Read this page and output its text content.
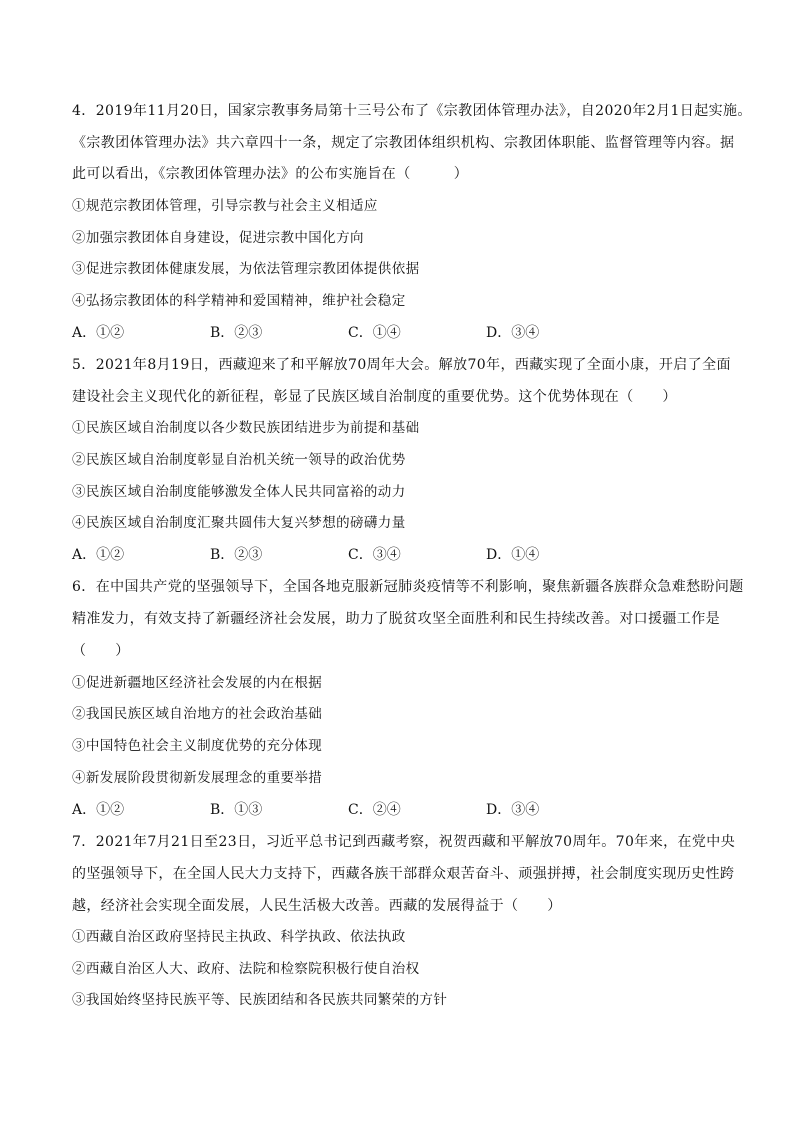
4．2019年11月20日，国家宗教事务局第十三号公布了《宗教团体管理办法》，自2020年2月1日起实施。
《宗教团体管理办法》共六章四十一条，规定了宗教团体组织机构、宗教团体职能、监督管理等内容。据
此可以看出，《宗教团体管理办法》的公布实施旨在（　　　）
①规范宗教团体管理，引导宗教与社会主义相适应
②加强宗教团体自身建设，促进宗教中国化方向
③促进宗教团体健康发展，为依法管理宗教团体提供依据
④弘扬宗教团体的科学精神和爱国精神，维护社会稳定
A．①②	B．②③	C．①④	D．③④
5．2021年8月19日，西藏迎来了和平解放70周年大会。解放70年，西藏实现了全面小康，开启了全面
建设社会主义现代化的新征程，彰显了民族区域自治制度的重要优势。这个优势体现在（　　）
①民族区域自治制度以各少数民族团结进步为前提和基础
②民族区域自治制度彰显自治机关统一领导的政治优势
③民族区域自治制度能够激发全体人民共同富裕的动力
④民族区域自治制度汇聚共圆伟大复兴梦想的磅礴力量
A．①②	B．②③	C．③④	D．①④
6．在中国共产党的坚强领导下，全国各地克服新冠肺炎疫情等不利影响，聚焦新疆各族群众急难愁盼问题
精准发力，有效支持了新疆经济社会发展，助力了脱贫攻坚全面胜利和民生持续改善。对口援疆工作是
（　　）
①促进新疆地区经济社会发展的内在根据
②我国民族区域自治地方的社会政治基础
③中国特色社会主义制度优势的充分体现
④新发展阶段贯彻新发展理念的重要举措
A．①②	B．①③	C．②④	D．③④
7．2021年7月21日至23日，习近平总书记到西藏考察，祝贺西藏和平解放70周年。70年来，在党中央
的坚强领导下，在全国人民大力支持下，西藏各族干部群众艰苦奋斗、顽强拼搏，社会制度实现历史性跨
越，经济社会实现全面发展，人民生活极大改善。西藏的发展得益于（　　）
①西藏自治区政府坚持民主执政、科学执政、依法执政
②西藏自治区人大、政府、法院和检察院积极行使自治权
③我国始终坚持民族平等、民族团结和各民族共同繁荣的方针
